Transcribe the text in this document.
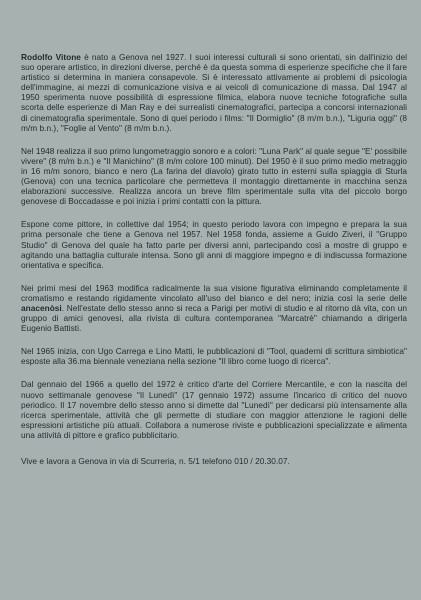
Rodolfo Vitone è nato a Genova nel 1927. I suoi interessi culturali si sono orientati, sin dall'inizio del suo operare artistico, in direzioni diverse, perché è da questa somma di esperienze specifiche che il fare artistico si determina in maniera consapevole. Si è interessato attivamente ai problemi di psicologia dell'immagine, ai mezzi di comunicazione visiva e ai veicoli di comunicazione di massa. Dal 1947 al 1950 sperimenta nuove possibilità di espressione filmica, elabora nuove tecniche fotografiche sulla scorta delle esperienze di Man Ray e dei surrealisti cinematografici, partecipa a concorsi internazionali di cinematografia sperimentale. Sono di quel periodo i films: "Il Dormiglio" (8 m/m b.n.), "Liguria oggi" (8 m/m b.n.), "Foglie al Vento" (8 m/m b.n.).

Nel 1948 realizza il suo primo lungometraggio sonoro e a colori: "Luna Park" al quale segue "E' possibile vivere" (8 m/m b.n.) e "Il Manichino" (8 m/m colore 100 minuti). Del 1950 è il suo primo medio metraggio in 16 m/m sonoro, bianco e nero (La farina del diavolo) girato tutto in esterni sulla spiaggia di Sturla (Genova) con una tecnica particolare che permetteva il montaggio direttamente in macchina senza elaborazioni successive. Realizza ancora un breve film sperimentale sulla vita del piccolo borgo genovese di Boccadasse e poi inizia i primi contatti con la pittura.

Espone come pittore, in collettive dal 1954; in questo periodo lavora con impegno e prepara la sua prima personale che tiene a Genova nel 1957. Nel 1958 fonda, assieme a Guido Ziveri, il "Gruppo Studio" di Genova del quale ha fatto parte per diversi anni, partecipando così a mostre di gruppo e agitando una battaglia culturale intensa. Sono gli anni di maggiore impegno e di indiscussa formazione orientativa e specifica.

Nei primi mesi del 1963 modifica radicalmente la sua visione figurativa eliminando completamente il cromatismo e restando rigidamente vincolato all'uso del bianco e del nero; inizia così la serie delle anacenòsi. Nell'estate dello stesso anno si reca a Parigi per motivi di studio e al ritorno dà vita, con un gruppo di amici genovesi, alla rivista di cultura contemporanea "Marcatrè" chiamando a dirigerla Eugenio Battisti.

Nel 1965 inizia, con Ugo Carrega e Lino Matti, le pubblicazioni di "Tool, quaderni di scrittura simbiotica" esposte alla 36.ma biennale veneziana nella sezione "Il libro come luogo di ricerca".

Dal gennaio del 1966 a quello del 1972 è critico d'arte del Corriere Mercantile, e con la nascita del nuovo settimanale genovese "Il Lunedì" (17 gennaio 1972) assume l'incarico di critico del nuovo periodico. Il 17 novembre dello stesso anno si dimette dal "Lunedì" per dedicarsi più intensamente alla ricerca sperimentale, attività che gli permette di studiare con maggior attenzione le ragioni delle espressioni artistiche più attuali. Collabora a numerose riviste e pubblicazioni specializzate e alimenta una attività di pittore e grafico pubblicitario.

Vive e lavora a Genova in via di Scurreria, n. 5/1 telefono 010 / 20.30.07.
